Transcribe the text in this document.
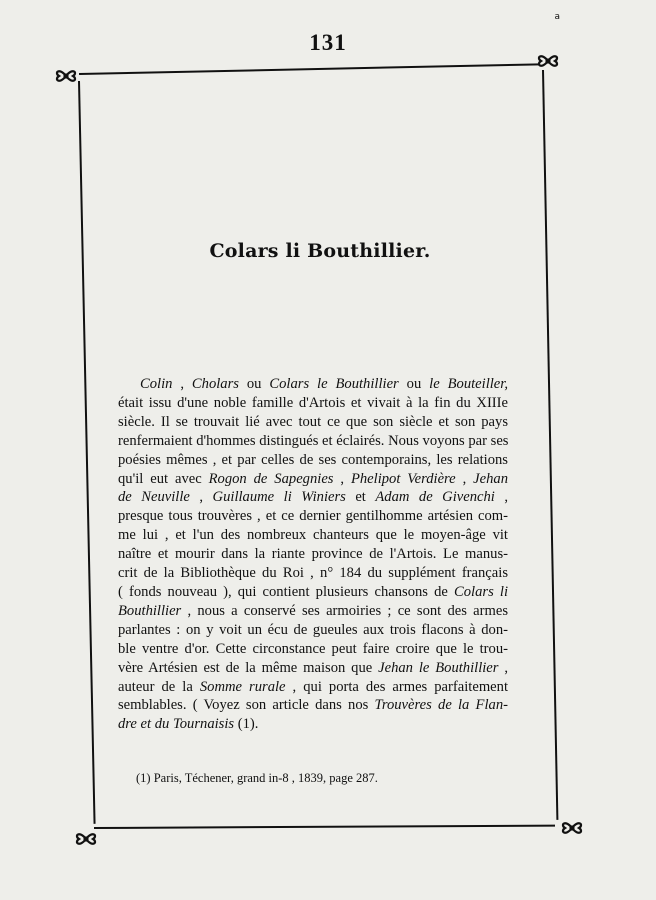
a
131
Colars li Bouthillier.
Colin , Cholars ou Colars le Bouthillier ou le Bouteiller,
était issu d'une noble famille d'Artois et vivait à la fin du XIIIe
siècle. Il se trouvait lié avec tout ce que son siècle et son pays
renfermaient d'hommes distingués et éclairés. Nous voyons par ses
poésies mêmes , et par celles de ses contemporains, les relations
qu'il eut avec Rogon de Sapegnies , Phelipot Verdière , Jehan
de Neuville , Guillaume li Winiers et Adam de Givenchi ,
presque tous trouvères , et ce dernier gentilhomme artésien com-
me lui , et l'un des nombreux chanteurs que le moyen-âge vit
naître et mourir dans la riante province de l'Artois. Le manus-
crit de la Bibliothèque du Roi , n° 184 du supplément français
( fonds nouveau ), qui contient plusieurs chansons de Colars li
Bouthillier , nous a conservé ses armoiries ; ce sont des armes
parlantes : on y voit un écu de gueules aux trois flacons à don-
ble ventre d'or. Cette circonstance peut faire croire que le trou-
vère Artésien est de la même maison que Jehan le Bouthillier ,
auteur de la Somme rurale , qui porta des armes parfaitement
semblables. ( Voyez son article dans nos Trouvères de la Flan-
dre et du Tournaisis (1).
(1) Paris, Téchener, grand in-8 , 1839, page 287.
